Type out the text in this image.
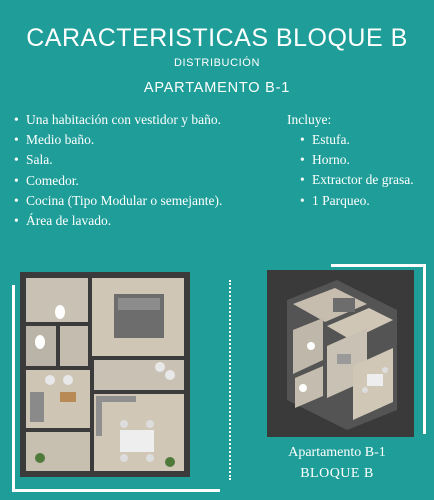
CARACTERISTICAS BLOQUE B
DISTRIBUCIÓN
APARTAMENTO B-1
• Una habitación con vestidor y baño.
• Medio baño.
• Sala.
• Comedor.
• Cocina (Tipo Modular o semejante).
• Área de lavado.
Incluye:
• Estufa.
• Horno.
• Extractor de grasa.
• 1 Parqueo.
Apartamento B-1
BLOQUE B
